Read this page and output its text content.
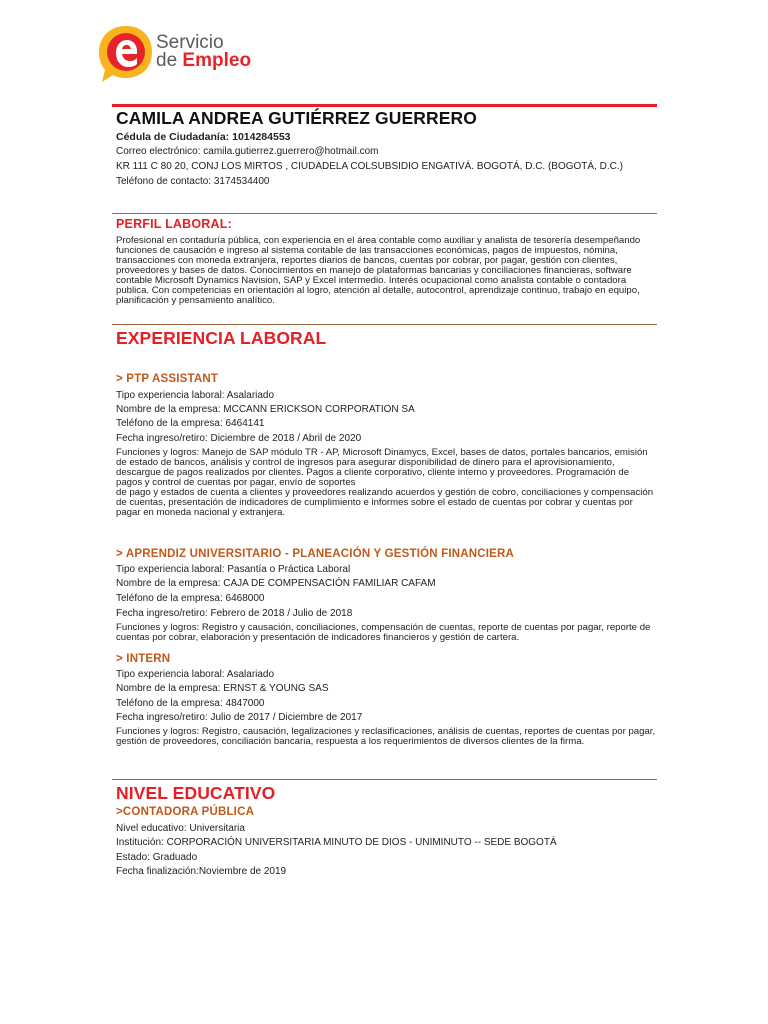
Servicio
de Empleo
CAMILA ANDREA GUTIÉRREZ GUERRERO
Cédula de Ciudadanía: 1014284553
Correo electrónico: camila.gutierrez.guerrero@hotmail.com
KR 111 C 80 20, CONJ LOS MIRTOS , CIUDADELA COLSUBSIDIO ENGATIVÁ. BOGOTÁ, D.C. (BOGOTÁ, D.C.)
Teléfono de contacto: 3174534400
PERFIL LABORAL:
Profesional en contaduría pública, con experiencia en el área contable como auxiliar y analista de tesorería desempeñando funciones de causación e ingreso al sistema contable de las transacciones económicas, pagos de impuestos, nómina, transacciones con moneda extranjera, reportes diarios de bancos, cuentas por cobrar, por pagar, gestión con clientes, proveedores y bases de datos. Conocimientos en manejo de plataformas bancarias y conciliaciones financieras, software contable Microsoft Dynamics Navision, SAP y Excel intermedio. Interés ocupacional como analista contable o contadora publica. Con competencias en orientación al logro, atención al detalle, autocontrol, aprendizaje continuo, trabajo en equipo, planificación y pensamiento analítico.
EXPERIENCIA LABORAL
> PTP ASSISTANT
Tipo experiencia laboral: Asalariado
Nombre de la empresa: MCCANN ERICKSON CORPORATION SA
Teléfono de la empresa: 6464141
Fecha ingreso/retiro: Diciembre de 2018 / Abril de 2020
Funciones y logros: Manejo de SAP módulo TR - AP, Microsoft Dinamycs, Excel, bases de datos, portales bancarios, emisión de estado de bancos, análisis y control de ingresos para asegurar disponibilidad de dinero para el aprovisionamiento, descargue de pagos realizados por clientes. Pagos a cliente corporativo, cliente interno y proveedores. Programación de pagos y control de cuentas por pagar, envío de soportes
de pago y estados de cuenta a clientes y proveedores realizando acuerdos y gestión de cobro, conciliaciones y compensación de cuentas, presentación de indicadores de cumplimiento e informes sobre el estado de cuentas por cobrar y cuentas por pagar en moneda nacional y extranjera.
> APRENDIZ UNIVERSITARIO - PLANEACIÓN Y GESTIÓN FINANCIERA
Tipo experiencia laboral: Pasantía o Práctica Laboral
Nombre de la empresa: CAJA DE COMPENSACIÓN FAMILIAR CAFAM
Teléfono de la empresa: 6468000
Fecha ingreso/retiro: Febrero de 2018 / Julio de 2018
Funciones y logros: Registro y causación, conciliaciones, compensación de cuentas, reporte de cuentas por pagar, reporte de cuentas por cobrar, elaboración y presentación de indicadores financieros y gestión de cartera.
> INTERN
Tipo experiencia laboral: Asalariado
Nombre de la empresa: ERNST & YOUNG SAS
Teléfono de la empresa: 4847000
Fecha ingreso/retiro: Julio de 2017 / Diciembre de 2017
Funciones y logros: Registro, causación, legalizaciones y reclasificaciones, análisis de cuentas, reportes de cuentas por pagar, gestión de proveedores, conciliación bancaria, respuesta a los requerimientos de diversos clientes de la firma.
NIVEL EDUCATIVO
>CONTADORA PÚBLICA
Nivel educativo: Universitaria
Institución: CORPORACIÓN UNIVERSITARIA MINUTO DE DIOS - UNIMINUTO -- SEDE BOGOTÁ
Estado: Graduado
Fecha finalización:Noviembre de 2019
